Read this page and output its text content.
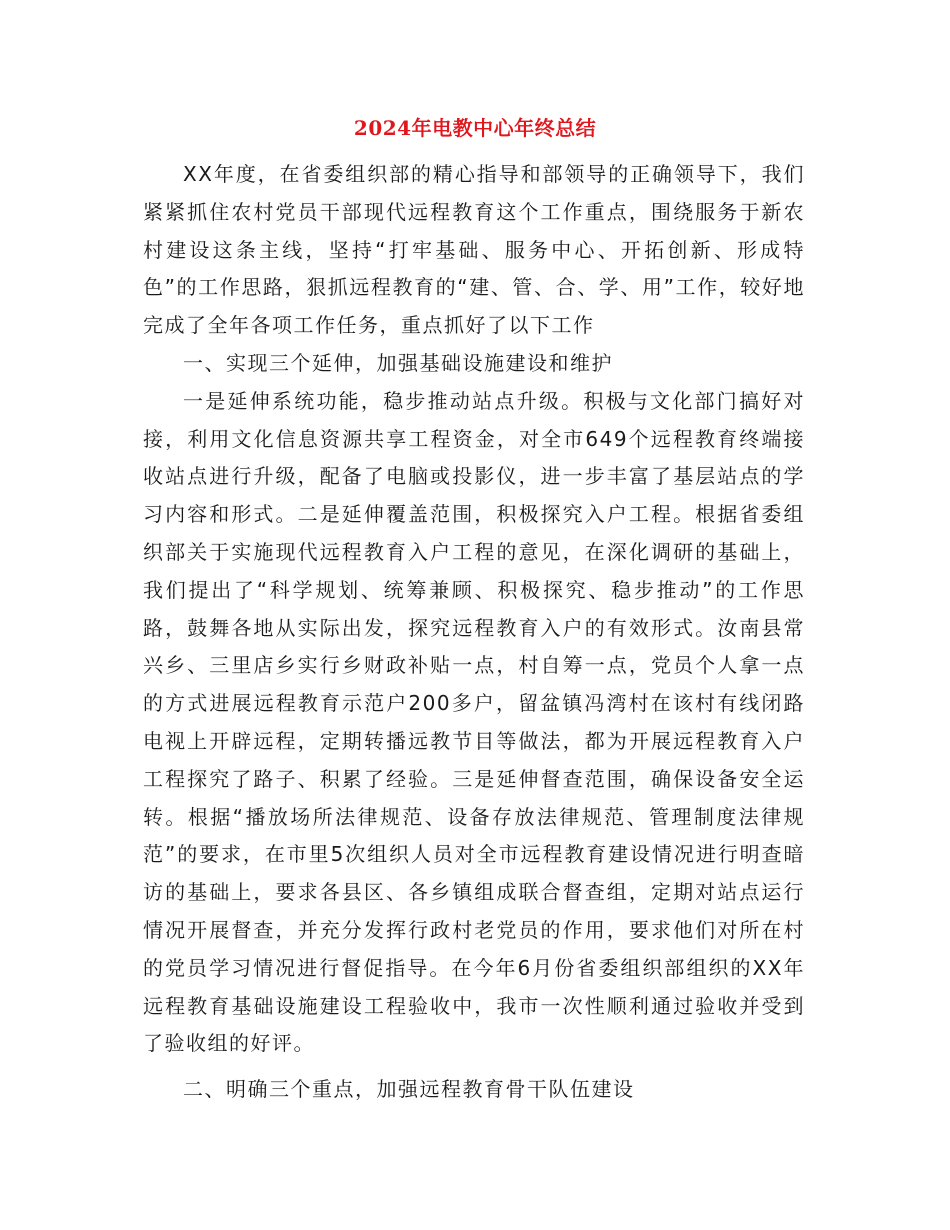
2024年电教中心年终总结

XX年度，在省委组织部的精心指导和部领导的正确领导下，我们紧紧抓住农村党员干部现代远程教育这个工作重点，围绕服务于新农村建设这条主线，坚持“打牢基础、服务中心、开拓创新、形成特色”的工作思路，狠抓远程教育的“建、管、合、学、用”工作，较好地完成了全年各项工作任务，重点抓好了以下工作

一、实现三个延伸，加强基础设施建设和维护

一是延伸系统功能，稳步推动站点升级。积极与文化部门搞好对接，利用文化信息资源共享工程资金，对全市649个远程教育终端接收站点进行升级，配备了电脑或投影仪，进一步丰富了基层站点的学习内容和形式。二是延伸覆盖范围，积极探究入户工程。根据省委组织部关于实施现代远程教育入户工程的意见，在深化调研的基础上，我们提出了“科学规划、统筹兼顾、积极探究、稳步推动”的工作思路，鼓舞各地从实际出发，探究远程教育入户的有效形式。汝南县常兴乡、三里店乡实行乡财政补贴一点，村自筹一点，党员个人拿一点的方式进展远程教育示范户200多户，留盆镇冯湾村在该村有线闭路电视上开辟远程，定期转播远教节目等做法，都为开展远程教育入户工程探究了路子、积累了经验。三是延伸督查范围，确保设备安全运转。根据“播放场所法律规范、设备存放法律规范、管理制度法律规范”的要求，在市里5次组织人员对全市远程教育建设情况进行明查暗访的基础上，要求各县区、各乡镇组成联合督查组，定期对站点运行情况开展督查，并充分发挥行政村老党员的作用，要求他们对所在村的党员学习情况进行督促指导。在今年6月份省委组织部组织的XX年远程教育基础设施建设工程验收中，我市一次性顺利通过验收并受到了验收组的好评。

二、明确三个重点，加强远程教育骨干队伍建设
